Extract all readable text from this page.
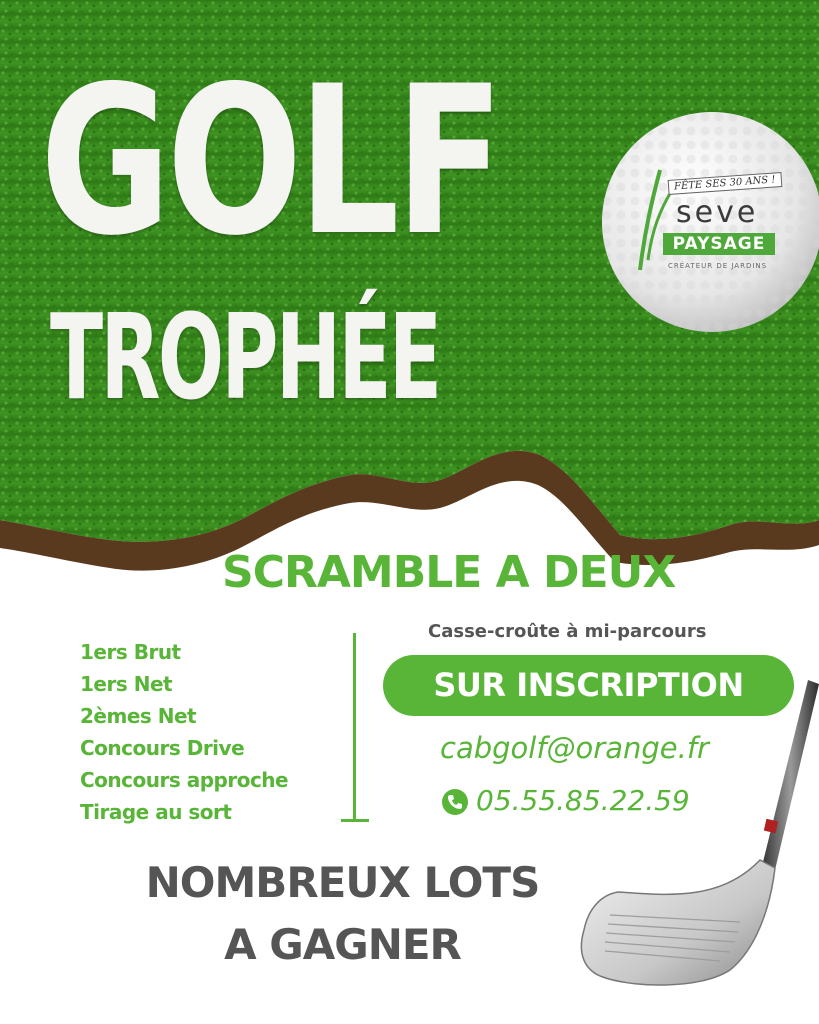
GOLF
TROPHÉE
FÊTE SES 30 ANS !
seve
PAYSAGE
CRÉATEUR DE JARDINS
SCRAMBLE A DEUX
1ers Brut
1ers Net
2èmes Net
Concours Drive
Concours approche
Tirage au sort
Casse-croûte à mi-parcours
SUR INSCRIPTION
cabgolf@orange.fr
05.55.85.22.59
NOMBREUX LOTS
A GAGNER
